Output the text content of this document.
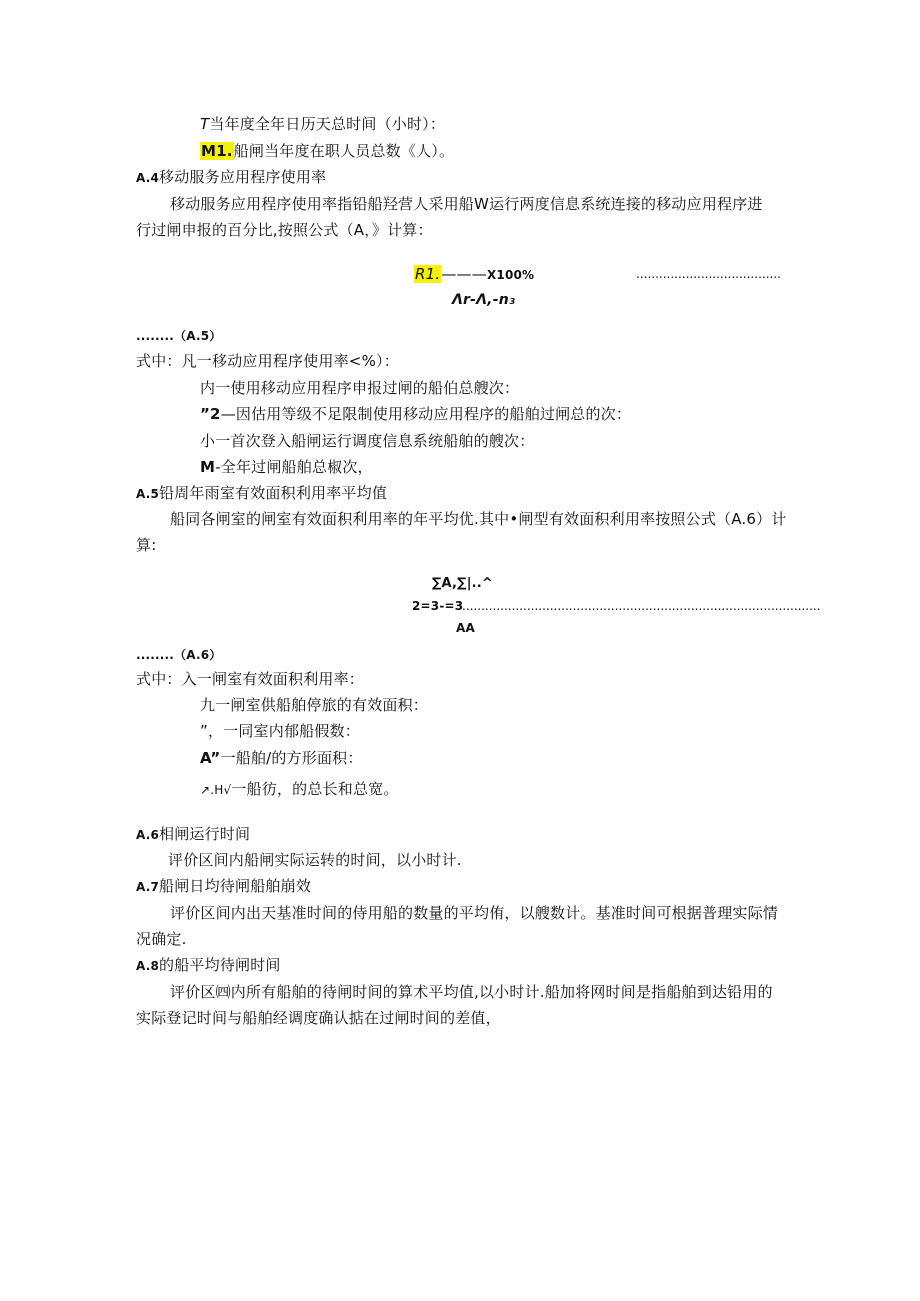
T当年度全年日历天总时间（小时）：
M1.船闸当年度在职人员总数《人）。
A.4移动服务应用程序使用率
移动服务应用程序使用率指铅船羟营人采用船W运行两度信息系统连接的移动应用程序进
行过闸申报的百分比,按照公式（A，》计算：
R1.———X100%	......................................
Λr-Λ,-n₃
........（A.5）
式中：凡一移动应用程序使用率<%）：
内一使用移动应用程序申报过闸的船伯总艘次：
”2—因估用等级不足限制使用移动应用程序的船舶过闸总的次：
小一首次登入船闸运行调度信息系统船舶的艘次：
M-全年过闸船舶总椒次，
A.5铅周年雨室有效面积利用率平均值
船同各闸室的闸室有效面积利用率的年平均优.其中•闸型有效面积利用率按照公式（A.6）计
算:
∑A,∑|..^
2=3-=3
..............................................................................................
AA
........（A.6）
式中：入一闸室有效面积利用率：
九一闸室供船舶停旅的有效面积：
”，一同室内郁船假数：
A”一船舶/的方形面积：
↗.H√一船彷，的总长和总宽。
A.6相闸运行时间
评价区间内船闸实际运转的时间，以小时计.
A.7船闸日均待闸船舶崩效
评价区间内出天基准时间的侍用船的数量的平均侑，以艘数计。基准时间可根据普理实际情
况确定.
A.8的船平均待闸时间
评价区㈣内所有船舶的待闸时间的算术平均值,以小时计.船加将网时间是指船舶到达铅用的
实际登记时间与船舶经调度确认掂在过闸时间的差值，
